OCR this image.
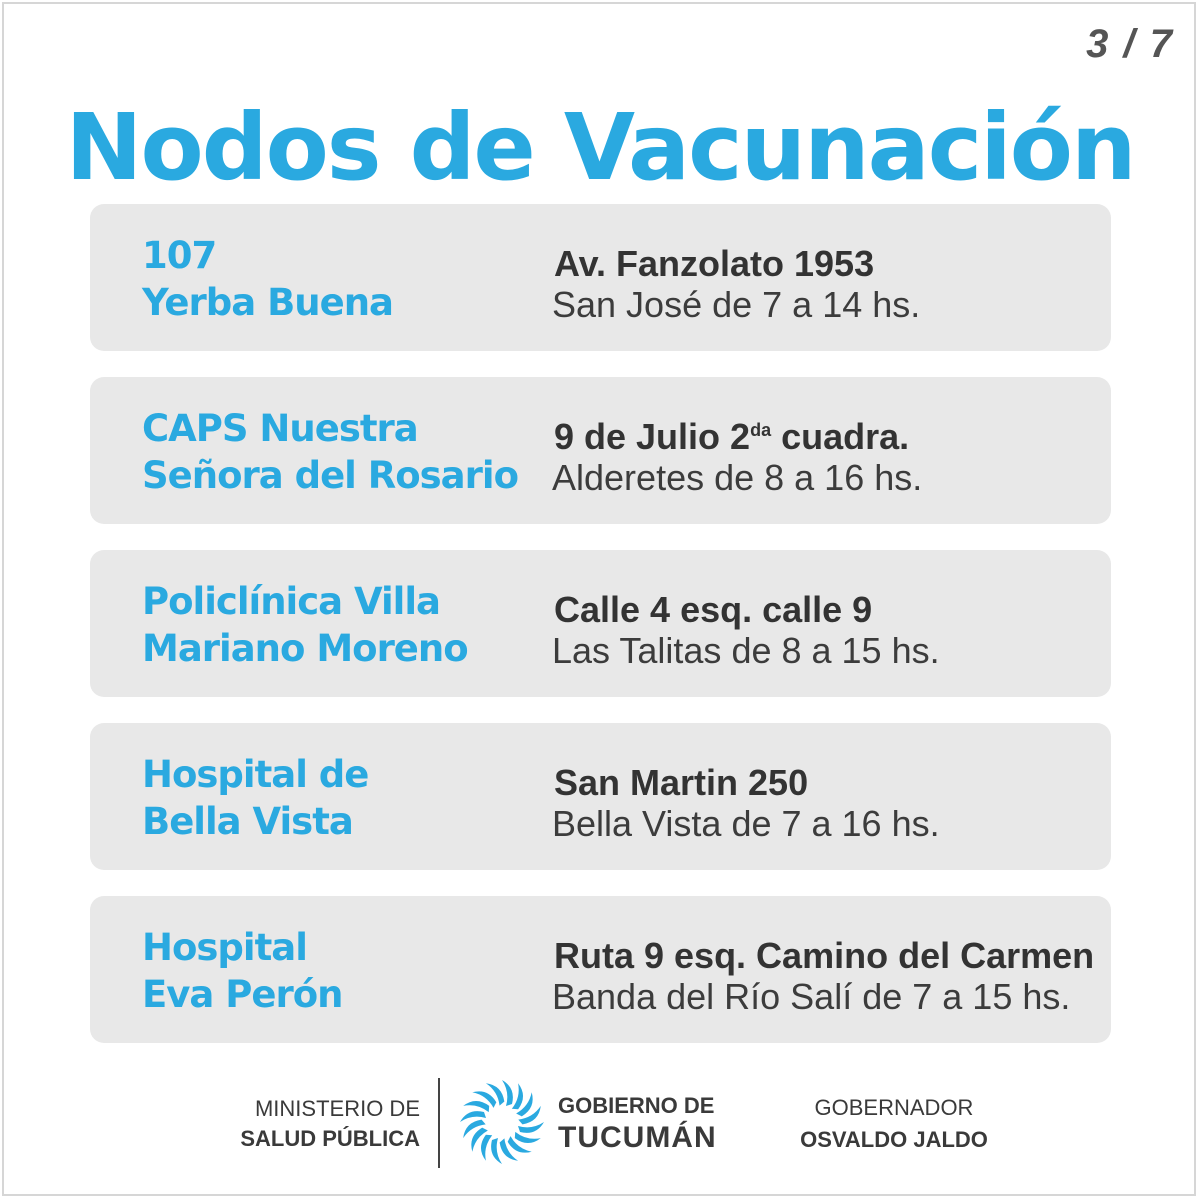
3 / 7
Nodos de Vacunación
107
Yerba Buena
Av. Fanzolato 1953
San José de 7 a 14 hs.
CAPS Nuestra
Señora del Rosario
9 de Julio $2^{da}$ cuadra.
Alderetes de 8 a 16 hs.
Policlínica Villa
Mariano Moreno
Calle 4 esq. calle 9
Las Talitas de 8 a 15 hs.
Hospital de
Bella Vista
San Martin 250
Bella Vista de 7 a 16 hs.
Hospital
Eva Perón
Ruta 9 esq. Camino del Carmen
Banda del Río Salí de 7 a 15 hs.
MINISTERIO DE
SALUD PÚBLICA
GOBIERNO DE
TUCUMÁN
GOBERNADOR
OSVALDO JALDO
